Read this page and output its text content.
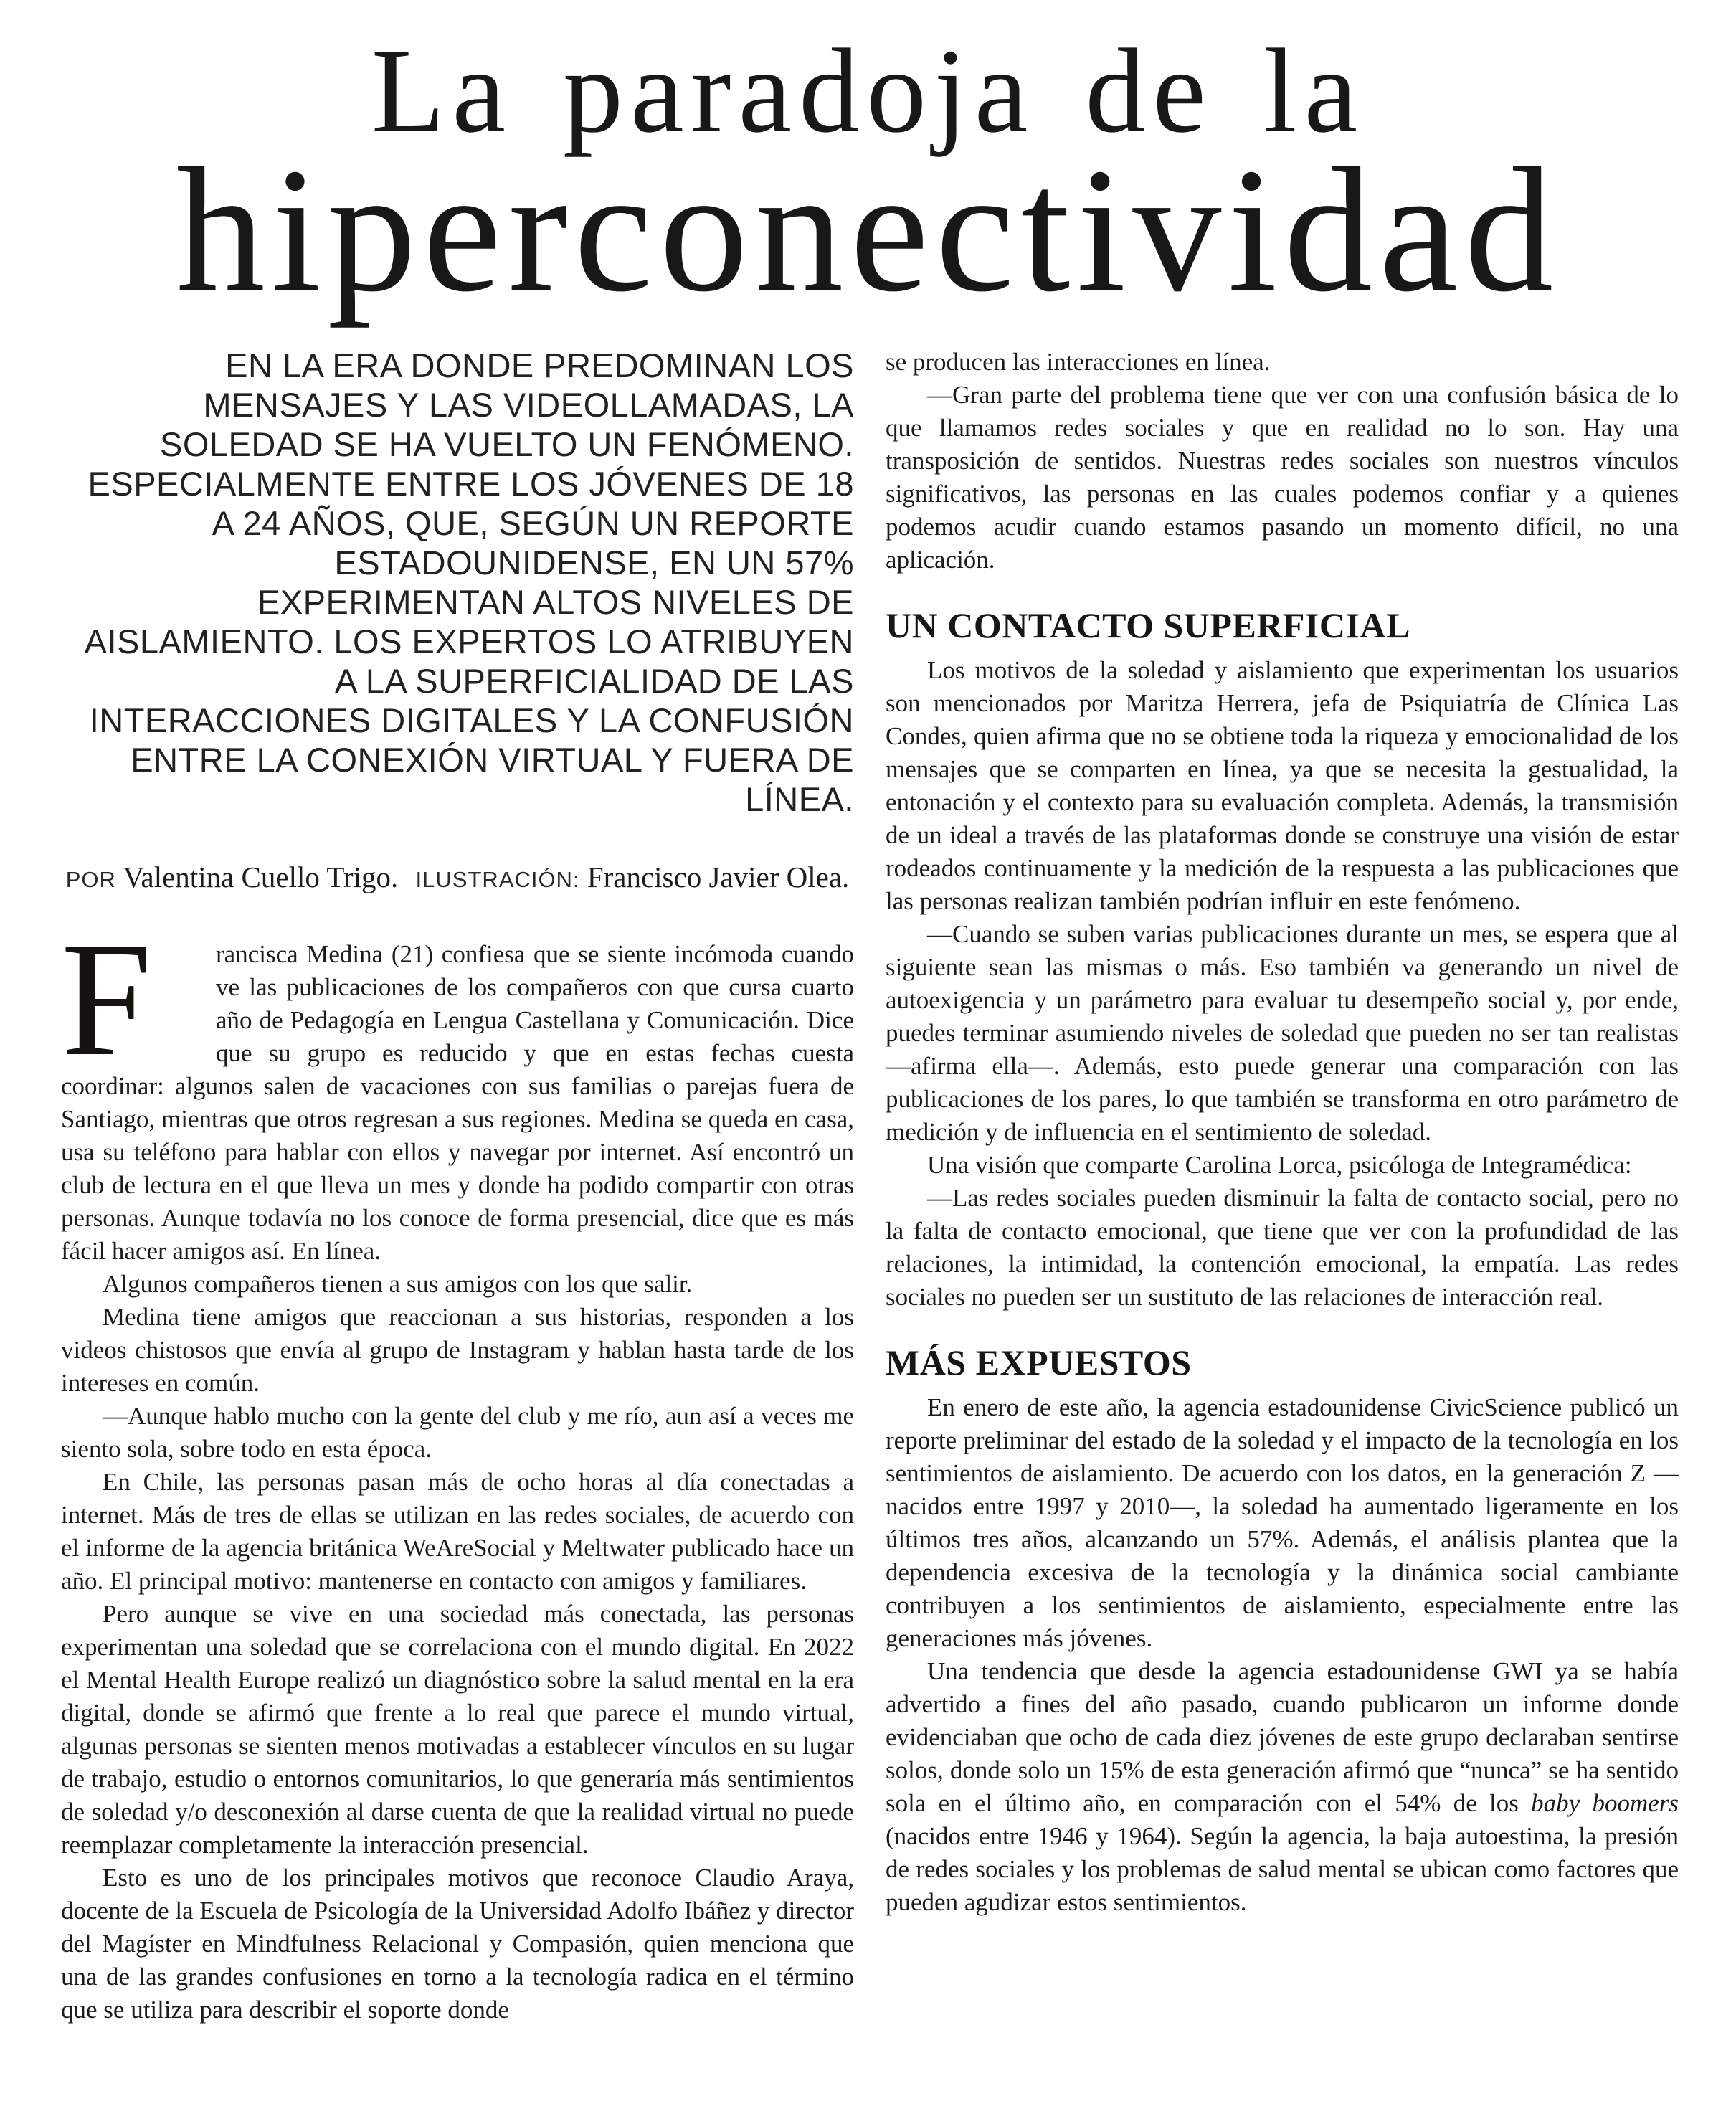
La paradoja de la
hiperconectividad

EN LA ERA DONDE PREDOMINAN LOS MENSAJES Y LAS VIDEOLLAMADAS, LA SOLEDAD SE HA VUELTO UN FENÓMENO. ESPECIALMENTE ENTRE LOS JÓVENES DE 18 A 24 AÑOS, QUE, SEGÚN UN REPORTE ESTADOUNIDENSE, EN UN 57% EXPERIMENTAN ALTOS NIVELES DE AISLAMIENTO. LOS EXPERTOS LO ATRIBUYEN A LA SUPERFICIALIDAD DE LAS INTERACCIONES DIGITALES Y LA CONFUSIÓN ENTRE LA CONEXIÓN VIRTUAL Y FUERA DE LÍNEA.

POR Valentina Cuello Trigo. ILUSTRACIÓN: Francisco Javier Olea.

F	rancisca Medina (21) confiesa que se siente incómoda cuando ve las publicaciones de los compañeros con que cursa cuarto año de Pedagogía en Lengua Castellana y Comunicación. Dice que su grupo es reducido y que en estas fechas cuesta coordinar: algunos salen de vacaciones con sus familias o parejas fuera de Santiago, mientras que otros regresan a sus regiones. Medina se queda en casa, usa su teléfono para hablar con ellos y navegar por internet. Así encontró un club de lectura en el que lleva un mes y donde ha podido compartir con otras personas. Aunque todavía no los conoce de forma presencial, dice que es más fácil hacer amigos así. En línea.

Algunos compañeros tienen a sus amigos con los que salir.

Medina tiene amigos que reaccionan a sus historias, responden a los videos chistosos que envía al grupo de Instagram y hablan hasta tarde de los intereses en común.

—Aunque hablo mucho con la gente del club y me río, aun así a veces me siento sola, sobre todo en esta época.

En Chile, las personas pasan más de ocho horas al día conectadas a internet. Más de tres de ellas se utilizan en las redes sociales, de acuerdo con el informe de la agencia británica WeAreSocial y Meltwater publicado hace un año. El principal motivo: mantenerse en contacto con amigos y familiares.

Pero aunque se vive en una sociedad más conectada, las personas experimentan una soledad que se correlaciona con el mundo digital. En 2022 el Mental Health Europe realizó un diagnóstico sobre la salud mental en la era digital, donde se afirmó que frente a lo real que parece el mundo virtual, algunas personas se sienten menos motivadas a establecer vínculos en su lugar de trabajo, estudio o entornos comunitarios, lo que generaría más sentimientos de soledad y/o desconexión al darse cuenta de que la realidad virtual no puede reemplazar completamente la interacción presencial.

Esto es uno de los principales motivos que reconoce Claudio Araya, docente de la Escuela de Psicología de la Universidad Adolfo Ibáñez y director del Magíster en Mindfulness Relacional y Compasión, quien menciona que una de las grandes confusiones en torno a la tecnología radica en el término que se utiliza para describir el soporte donde

se producen las interacciones en línea.

—Gran parte del problema tiene que ver con una confusión básica de lo que llamamos redes sociales y que en realidad no lo son. Hay una transposición de sentidos. Nuestras redes sociales son nuestros vínculos significativos, las personas en las cuales podemos confiar y a quienes podemos acudir cuando estamos pasando un momento difícil, no una aplicación.

UN CONTACTO SUPERFICIAL

Los motivos de la soledad y aislamiento que experimentan los usuarios son mencionados por Maritza Herrera, jefa de Psiquiatría de Clínica Las Condes, quien afirma que no se obtiene toda la riqueza y emocionalidad de los mensajes que se comparten en línea, ya que se necesita la gestualidad, la entonación y el contexto para su evaluación completa. Además, la transmisión de un ideal a través de las plataformas donde se construye una visión de estar rodeados continuamente y la medición de la respuesta a las publicaciones que las personas realizan también podrían influir en este fenómeno.

—Cuando se suben varias publicaciones durante un mes, se espera que al siguiente sean las mismas o más. Eso también va generando un nivel de autoexigencia y un parámetro para evaluar tu desempeño social y, por ende, puedes terminar asumiendo niveles de soledad que pueden no ser tan realistas —afirma ella—. Además, esto puede generar una comparación con las publicaciones de los pares, lo que también se transforma en otro parámetro de medición y de influencia en el sentimiento de soledad.

Una visión que comparte Carolina Lorca, psicóloga de Integramédica:

—Las redes sociales pueden disminuir la falta de contacto social, pero no la falta de contacto emocional, que tiene que ver con la profundidad de las relaciones, la intimidad, la contención emocional, la empatía. Las redes sociales no pueden ser un sustituto de las relaciones de interacción real.

MÁS EXPUESTOS

En enero de este año, la agencia estadounidense CivicScience publicó un reporte preliminar del estado de la soledad y el impacto de la tecnología en los sentimientos de aislamiento. De acuerdo con los datos, en la generación Z —nacidos entre 1997 y 2010—, la soledad ha aumentado ligeramente en los últimos tres años, alcanzando un 57%. Además, el análisis plantea que la dependencia excesiva de la tecnología y la dinámica social cambiante contribuyen a los sentimientos de aislamiento, especialmente entre las generaciones más jóvenes.

Una tendencia que desde la agencia estadounidense GWI ya se había advertido a fines del año pasado, cuando publicaron un informe donde evidenciaban que ocho de cada diez jóvenes de este grupo declaraban sentirse solos, donde solo un 15% de esta generación afirmó que “nunca” se ha sentido sola en el último año, en comparación con el 54% de los baby boomers (nacidos entre 1946 y 1964). Según la agencia, la baja autoestima, la presión de redes sociales y los problemas de salud mental se ubican como factores que pueden agudizar estos sentimientos.
